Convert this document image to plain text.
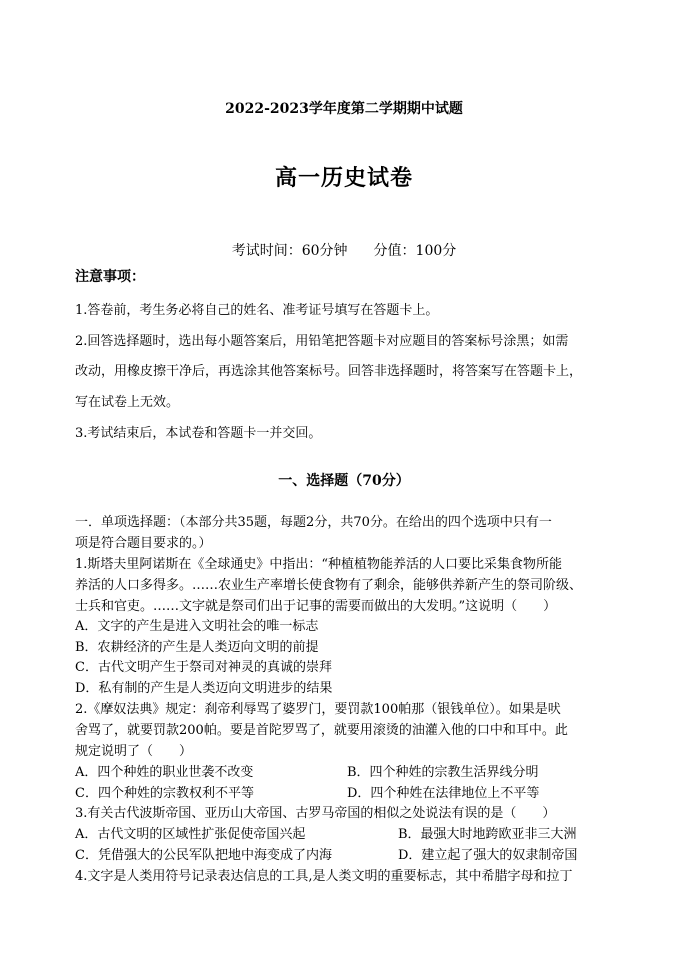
2022-2023学年度第二学期期中试题
高一历史试卷
考试时间：60分钟 分值：100分
注意事项：
1.答卷前，考生务必将自己的姓名、准考证号填写在答题卡上。
2.回答选择题时，选出每小题答案后，用铅笔把答题卡对应题目的答案标号涂黑；如需
改动，用橡皮擦干净后，再选涂其他答案标号。回答非选择题时，将答案写在答题卡上，
写在试卷上无效。
3.考试结束后，本试卷和答题卡一并交回。
一、选择题（70分）
一．单项选择题：（本部分共35题，每题2分，共70分。在给出的四个选项中只有一
项是符合题目要求的。）
1.斯塔夫里阿诺斯在《全球通史》中指出：“种植植物能养活的人口要比采集食物所能
养活的人口多得多。……农业生产率增长使食物有了剩余，能够供养新产生的祭司阶级、
士兵和官吏。……文字就是祭司们出于记事的需要而做出的大发明。”这说明（　　）
A．文字的产生是进入文明社会的唯一标志
B．农耕经济的产生是人类迈向文明的前提
C．古代文明产生于祭司对神灵的真诚的崇拜
D．私有制的产生是人类迈向文明进步的结果
2.《摩奴法典》规定：刹帝利辱骂了婆罗门，要罚款100帕那（银钱单位）。如果是吠
舍骂了，就要罚款200帕。要是首陀罗骂了，就要用滚烫的油灌入他的口中和耳中。此
规定说明了（　　）
A．四个种姓的职业世袭不改变	B．四个种姓的宗教生活界线分明
C．四个种姓的宗教权利不平等	D．四个种姓在法律地位上不平等
3.有关古代波斯帝国、亚历山大帝国、古罗马帝国的相似之处说法有误的是（　　）
A．古代文明的区域性扩张促使帝国兴起	B．最强大时地跨欧亚非三大洲
C．凭借强大的公民军队把地中海变成了内海	D．建立起了强大的奴隶制帝国
4.文字是人类用符号记录表达信息的工具,是人类文明的重要标志，其中希腊字母和拉丁
